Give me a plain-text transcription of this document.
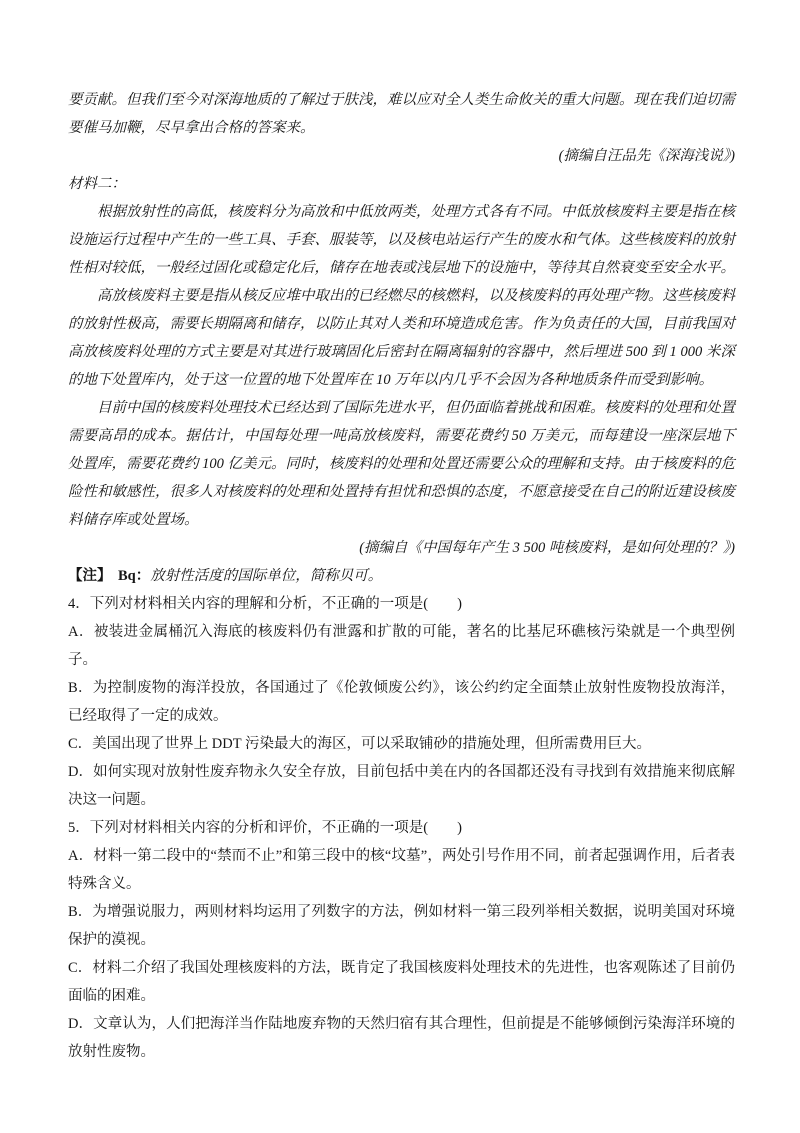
要贡献。但我们至今对深海地质的了解过于肤浅，难以应对全人类生命攸关的重大问题。现在我们迫切需要催马加鞭，尽早拿出合格的答案来。

(摘编自汪品先《深海浅说》)

材料二：

根据放射性的高低，核废料分为高放和中低放两类，处理方式各有不同。中低放核废料主要是指在核设施运行过程中产生的一些工具、手套、服装等，以及核电站运行产生的废水和气体。这些核废料的放射性相对较低，一般经过固化或稳定化后，储存在地表或浅层地下的设施中，等待其自然衰变至安全水平。

高放核废料主要是指从核反应堆中取出的已经燃尽的核燃料，以及核废料的再处理产物。这些核废料的放射性极高，需要长期隔离和储存，以防止其对人类和环境造成危害。作为负责任的大国，目前我国对高放核废料处理的方式主要是对其进行玻璃固化后密封在隔离辐射的容器中，然后埋进 500 到 1 000 米深的地下处置库内，处于这一位置的地下处置库在 10 万年以内几乎不会因为各种地质条件而受到影响。

目前中国的核废料处理技术已经达到了国际先进水平，但仍面临着挑战和困难。核废料的处理和处置需要高昂的成本。据估计，中国每处理一吨高放核废料，需要花费约 50 万美元，而每建设一座深层地下处置库，需要花费约 100 亿美元。同时，核废料的处理和处置还需要公众的理解和支持。由于核废料的危险性和敏感性，很多人对核废料的处理和处置持有担忧和恐惧的态度，不愿意接受在自己的附近建设核废料储存库或处置场。

(摘编自《中国每年产生 3 500 吨核废料，是如何处理的？》)

【注】 Bq：放射性活度的国际单位，简称贝可。

4．下列对材料相关内容的理解和分析，不正确的一项是(　　)

A．被装进金属桶沉入海底的核废料仍有泄露和扩散的可能，著名的比基尼环礁核污染就是一个典型例子。

B．为控制废物的海洋投放，各国通过了《伦敦倾废公约》，该公约约定全面禁止放射性废物投放海洋，已经取得了一定的成效。

C．美国出现了世界上 DDT 污染最大的海区，可以采取铺砂的措施处理，但所需费用巨大。

D．如何实现对放射性废弃物永久安全存放，目前包括中美在内的各国都还没有寻找到有效措施来彻底解决这一问题。

5．下列对材料相关内容的分析和评价，不正确的一项是(　　)

A．材料一第二段中的“禁而不止”和第三段中的核“坟墓”，两处引号作用不同，前者起强调作用，后者表特殊含义。

B．为增强说服力，两则材料均运用了列数字的方法，例如材料一第三段列举相关数据，说明美国对环境保护的漠视。

C．材料二介绍了我国处理核废料的方法，既肯定了我国核废料处理技术的先进性，也客观陈述了目前仍面临的困难。

D．文章认为，人们把海洋当作陆地废弃物的天然归宿有其合理性，但前提是不能够倾倒污染海洋环境的放射性废物。
